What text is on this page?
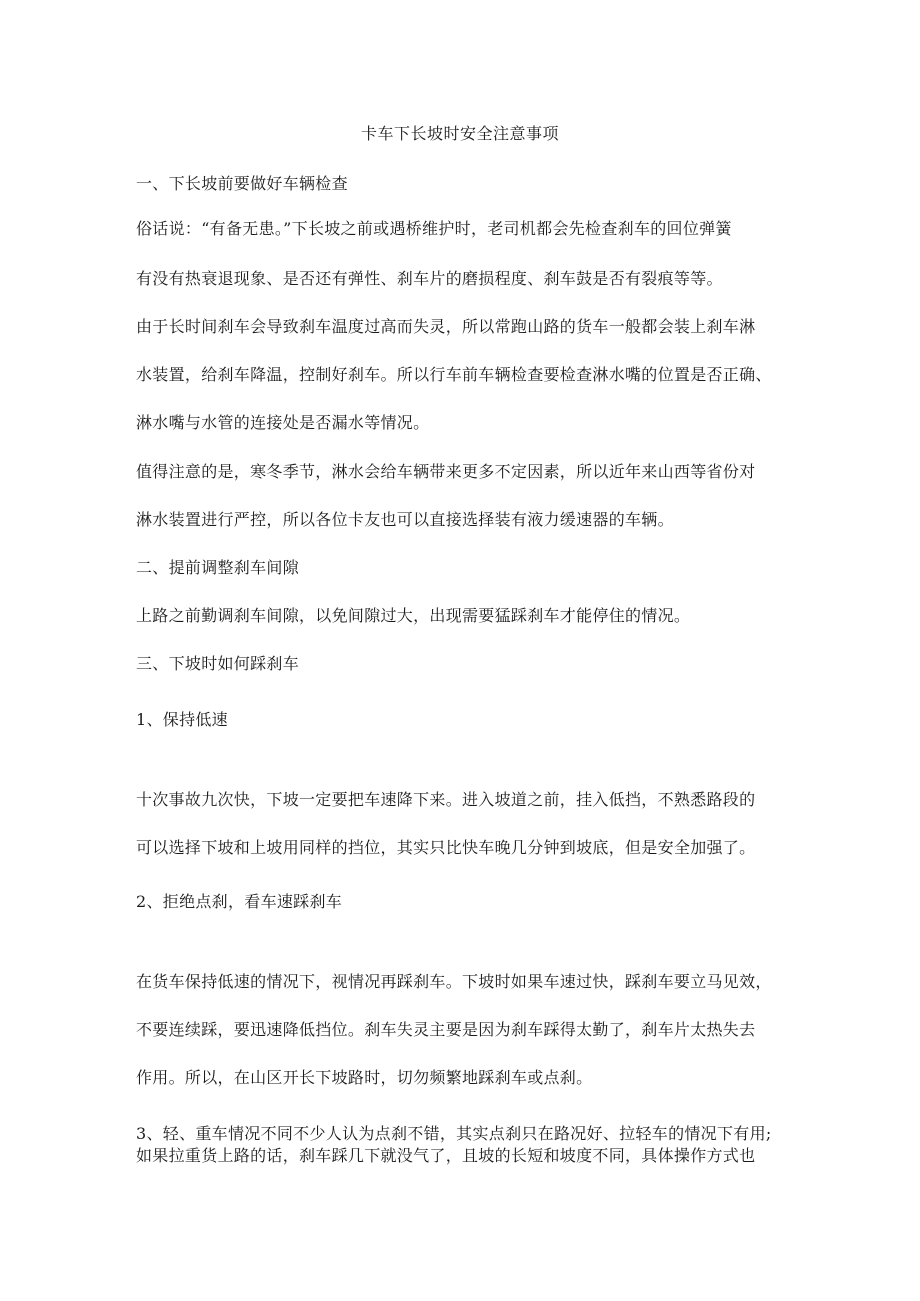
卡车下长坡时安全注意事项
一、下长坡前要做好车辆检查
俗话说：“有备无患。”下长坡之前或遇桥维护时，老司机都会先检查刹车的回位弹簧
有没有热衰退现象、是否还有弹性、刹车片的磨损程度、刹车鼓是否有裂痕等等。
由于长时间刹车会导致刹车温度过高而失灵，所以常跑山路的货车一般都会装上刹车淋
水装置，给刹车降温，控制好刹车。所以行车前车辆检查要检查淋水嘴的位置是否正确、
淋水嘴与水管的连接处是否漏水等情况。
值得注意的是，寒冬季节，淋水会给车辆带来更多不定因素，所以近年来山西等省份对
淋水装置进行严控，所以各位卡友也可以直接选择装有液力缓速器的车辆。
二、提前调整刹车间隙
上路之前勤调刹车间隙，以免间隙过大，出现需要猛踩刹车才能停住的情况。
三、下坡时如何踩刹车
1、保持低速
十次事故九次快，下坡一定要把车速降下来。进入坡道之前，挂入低挡，不熟悉路段的
可以选择下坡和上坡用同样的挡位，其实只比快车晚几分钟到坡底，但是安全加强了。
2、拒绝点刹，看车速踩刹车
在货车保持低速的情况下，视情况再踩刹车。下坡时如果车速过快，踩刹车要立马见效，
不要连续踩，要迅速降低挡位。刹车失灵主要是因为刹车踩得太勤了，刹车片太热失去
作用。所以，在山区开长下坡路时，切勿频繁地踩刹车或点刹。
3、轻、重车情况不同不少人认为点刹不错，其实点刹只在路况好、拉轻车的情况下有用;
如果拉重货上路的话，刹车踩几下就没气了，且坡的长短和坡度不同，具体操作方式也
